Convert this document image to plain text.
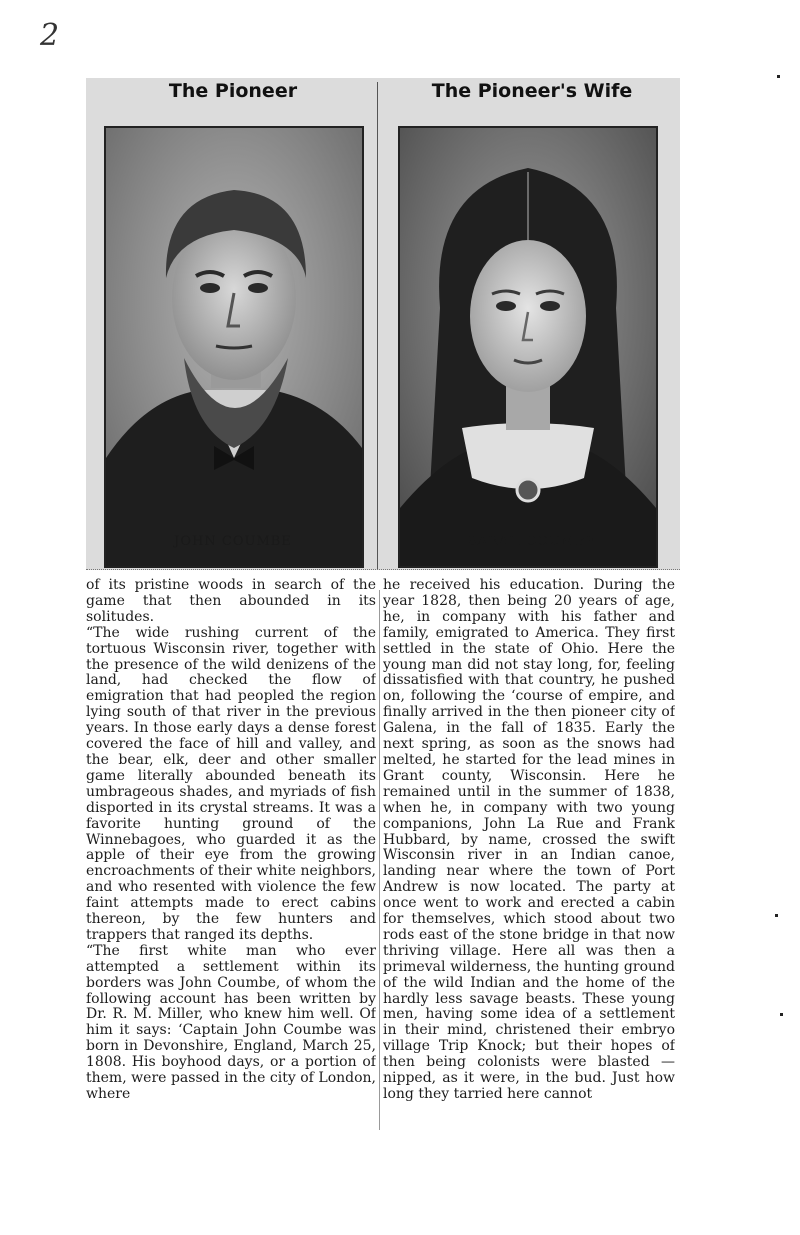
2
The Pioneer
JOHN COUMBE
The Pioneer's Wife
SARAH COUMBE
of its pristine woods in search of the game that then abounded in its solitudes.
“The wide rushing current of the tortuous Wisconsin river, together with the presence of the wild denizens of the land, had checked the flow of emigration that had peopled the region lying south of that river in the previous years. In those early days a dense forest covered the face of hill and valley, and the bear, elk, deer and other smaller game literally abounded beneath its umbrageous shades, and myriads of fish disported in its crystal streams. It was a favorite hunting ground of the Winnebagoes, who guarded it as the apple of their eye from the growing encroachments of their white neighbors, and who resented with violence the few faint attempts made to erect cabins thereon, by the few hunters and trappers that ranged its depths.
“The first white man who ever attempted a settlement within its borders was John Coumbe, of whom the following account has been written by Dr. R. M. Miller, who knew him well. Of him it says: ‘Captain John Coumbe was born in Devonshire, England, March 25, 1808. His boyhood days, or a portion of them, were passed in the city of London, where
he received his education. During the year 1828, then being 20 years of age, he, in company with his father and family, emigrated to America. They first settled in the state of Ohio. Here the young man did not stay long, for, feeling dissatisfied with that country, he pushed on, following the ‘course of empire, and finally arrived in the then pioneer city of Galena, in the fall of 1835. Early the next spring, as soon as the snows had melted, he started for the lead mines in Grant county, Wisconsin. Here he remained until in the summer of 1838, when he, in company with two young companions, John La Rue and Frank Hubbard, by name, crossed the swift Wisconsin river in an Indian canoe, landing near where the town of Port Andrew is now located. The party at once went to work and erected a cabin for themselves, which stood about two rods east of the stone bridge in that now thriving village. Here all was then a primeval wilderness, the hunting ground of the wild Indian and the home of the hardly less savage beasts. These young men, having some idea of a settlement in their mind, christened their embryo village Trip Knock; but their hopes of then being colonists were blasted —nipped, as it were, in the bud. Just how long they tarried here cannot
